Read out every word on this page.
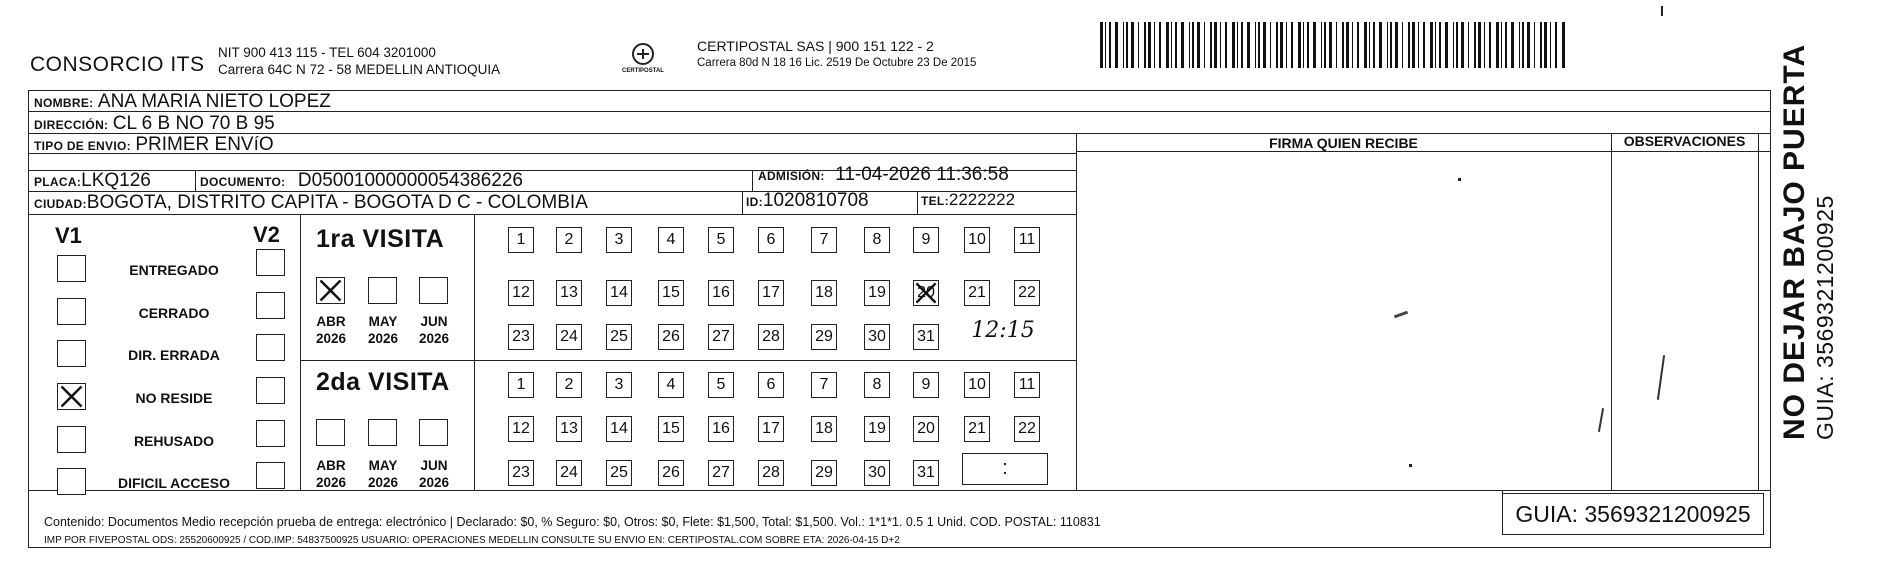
CONSORCIO ITS
NIT 900 413 115 - TEL 604 3201000
Carrera 64C N 72 - 58 MEDELLIN ANTIOQUIA	CERTIPOSTAL
CERTIPOSTAL SAS | 900 151 122 - 2
Carrera 80d N 18 16 Lic. 2519 De Octubre 23 De 2015
NOMBRE: ANA MARIA NIETO LOPEZ
DIRECCIÓN: CL 6 B NO 70 B 95
TIPO DE ENVIO: PRIMER ENVíO
PLACA:LKQ126	DOCUMENTO: D05001000000054386226	ADMISIÓN: 11-04-2026 11:36:58
CIUDAD:BOGOTA, DISTRITO CAPITA - BOGOTA D C - COLOMBIA	ID:1020810708	TEL:2222222
FIRMA QUIEN RECIBE	OBSERVACIONES
V1	V2
ENTREGADO
CERRADO
DIR. ERRADA
NO RESIDE
REHUSADO
DIFICIL ACCESO
1ra VISITA
2da VISITA
ABR
2026
MAY
2026
JUN
2026
ABR
2026
MAY
2026
JUN
2026
1	2	3	4	5	6	7	8	9	10 11
12 13 14 15 16 17 18 19 20 21 22
23 24 25 26 27 28 29 30 31
1	2	3	4	5	6	7	8	9	10 11
12 13 14 15 16 17 18 19 20 21 22
23 24 25 26 27 28 29 30 31
12:15
:
Contenido: Documentos Medio recepción prueba de entrega: electrónico | Declarado: $0, % Seguro: $0, Otros: $0, Flete: $1,500, Total: $1,500. Vol.: 1*1*1. 0.5 1 Unid. COD. POSTAL: 110831
IMP POR FIVEPOSTAL ODS: 25520600925 / COD.IMP: 54837500925 USUARIO: OPERACIONES MEDELLIN CONSULTE SU ENVIO EN: CERTIPOSTAL.COM SOBRE ETA: 2026-04-15 D+2
GUIA: 3569321200925
NO DEJAR BAJO PUERTA GUIA: 3569321200925
